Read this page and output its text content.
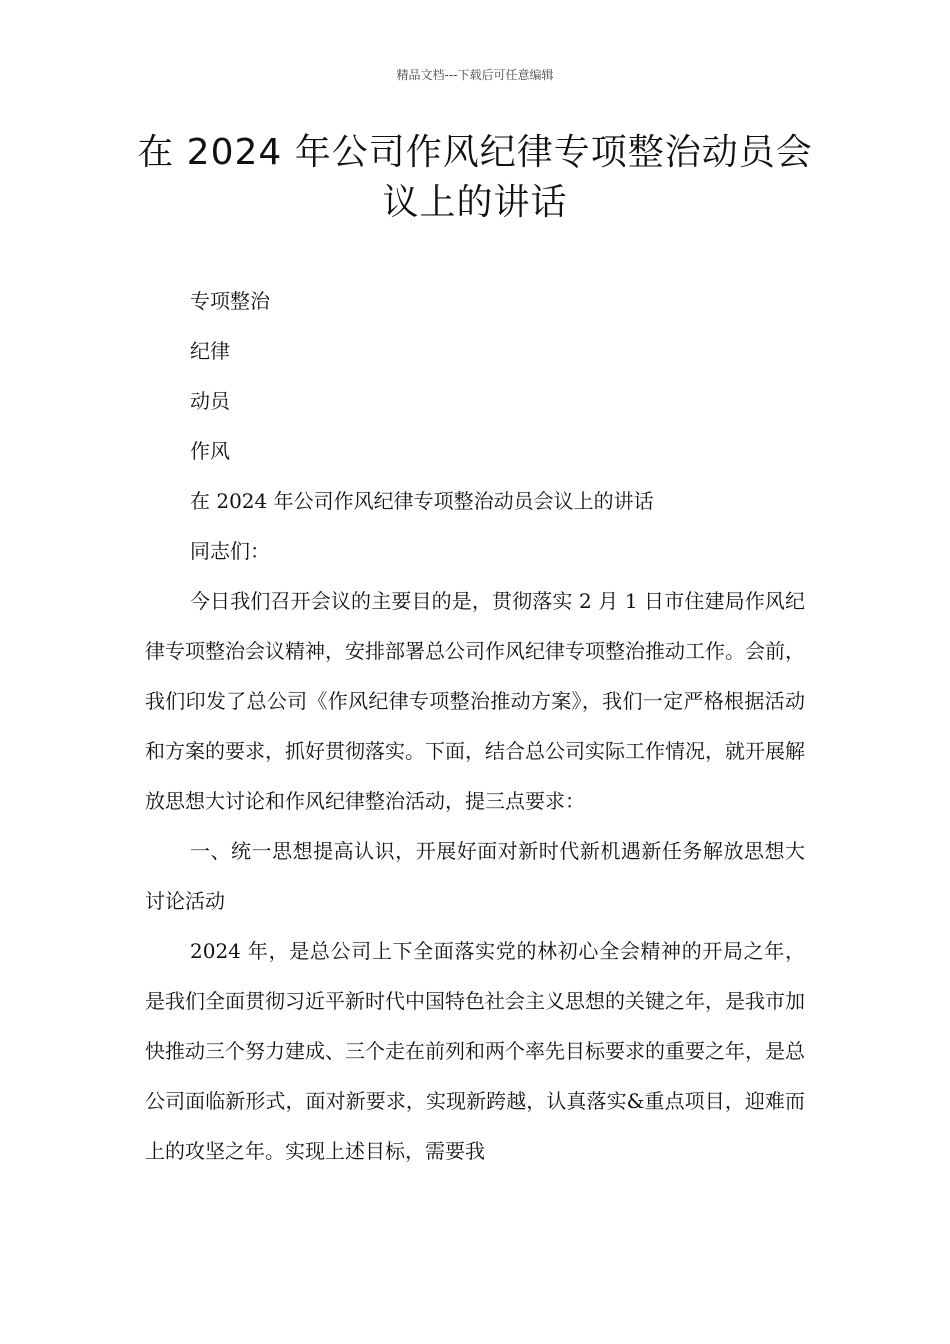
精品文档---下载后可任意编辑
在 2024 年公司作风纪律专项整治动员会议上的讲话

专项整治

纪律

动员

作风

在 2024 年公司作风纪律专项整治动员会议上的讲话

同志们：

今日我们召开会议的主要目的是，贯彻落实 2 月 1 日市住建局作风纪律专项整治会议精神，安排部署总公司作风纪律专项整治推动工作。会前，我们印发了总公司《作风纪律专项整治推动方案》，我们一定严格根据活动和方案的要求，抓好贯彻落实。下面，结合总公司实际工作情况，就开展解放思想大讨论和作风纪律整治活动，提三点要求：

一、统一思想提高认识，开展好面对新时代新机遇新任务解放思想大讨论活动

2024 年，是总公司上下全面落实党的林初心全会精神的开局之年，是我们全面贯彻习近平新时代中国特色社会主义思想的关键之年，是我市加快推动三个努力建成、三个走在前列和两个率先目标要求的重要之年，是总公司面临新形式，面对新要求，实现新跨越，认真落实&重点项目，迎难而上的攻坚之年。实现上述目标，需要我
